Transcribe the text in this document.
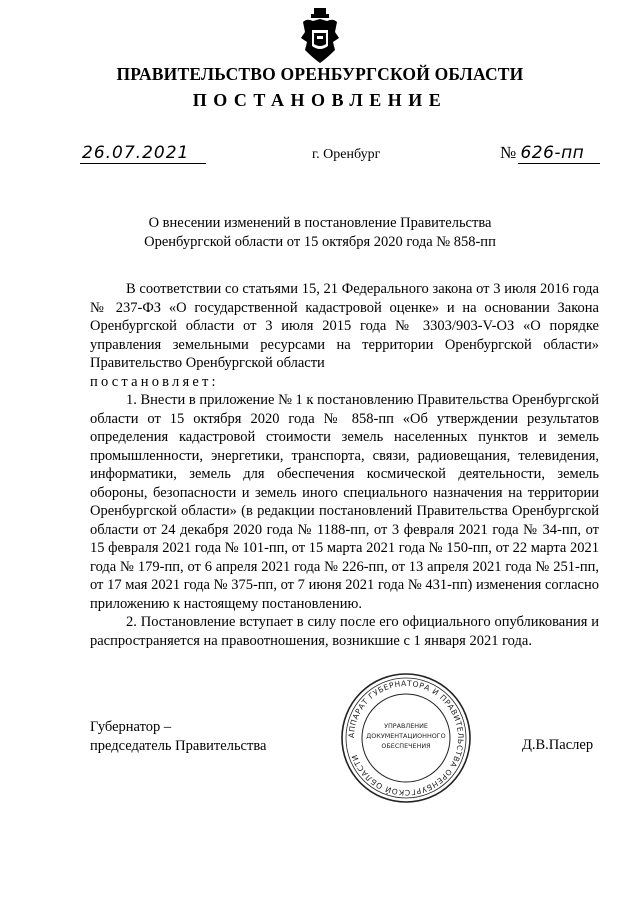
ПРАВИТЕЛЬСТВО ОРЕНБУРГСКОЙ ОБЛАСТИ
ПОСТАНОВЛЕНИЕ
26.07.2021	г. Оренбург	№ 626-пп
О внесении изменений в постановление Правительства
Оренбургской области от 15 октября 2020 года № 858-пп

В соответствии со статьями 15, 21 Федерального закона от 3 июля 2016 года № 237-ФЗ «О государственной кадастровой оценке» и на основании Закона Оренбургской области от 3 июля 2015 года № 3303/903-V-ОЗ «О порядке управления земельными ресурсами на территории Оренбургской области» Правительство Оренбургской области

постановляет:

1. Внести в приложение № 1 к постановлению Правительства Оренбургской области от 15 октября 2020 года № 858-пп «Об утверждении результатов определения кадастровой стоимости земель населенных пунктов и земель промышленности, энергетики, транспорта, связи, радиовещания, телевидения, информатики, земель для обеспечения космической деятельности, земель обороны, безопасности и земель иного специального назначения на территории Оренбургской области» (в редакции постановлений Правительства Оренбургской области от 24 декабря 2020 года № 1188-пп, от 3 февраля 2021 года № 34-пп, от 15 февраля 2021 года № 101-пп, от 15 марта 2021 года № 150-пп, от 22 марта 2021 года № 179-пп, от 6 апреля 2021 года № 226-пп, от 13 апреля 2021 года № 251-пп, от 17 мая 2021 года № 375-пп, от 7 июня 2021 года № 431-пп) изменения согласно приложению к настоящему постановлению.

2. Постановление вступает в силу после его официального опубликования и распространяется на правоотношения, возникшие с 1 января 2021 года.

Губернатор –
председатель Правительства	Д.В.Паслер
АППАРАТ ГУБЕРНАТОРА И ПРАВИТЕЛЬСТВА ОРЕНБУРГСКОЙ ОБЛАСТИ
УПРАВЛЕНИЕ
ДОКУМЕНТАЦИОННОГО
ОБЕСПЕЧЕНИЯ
